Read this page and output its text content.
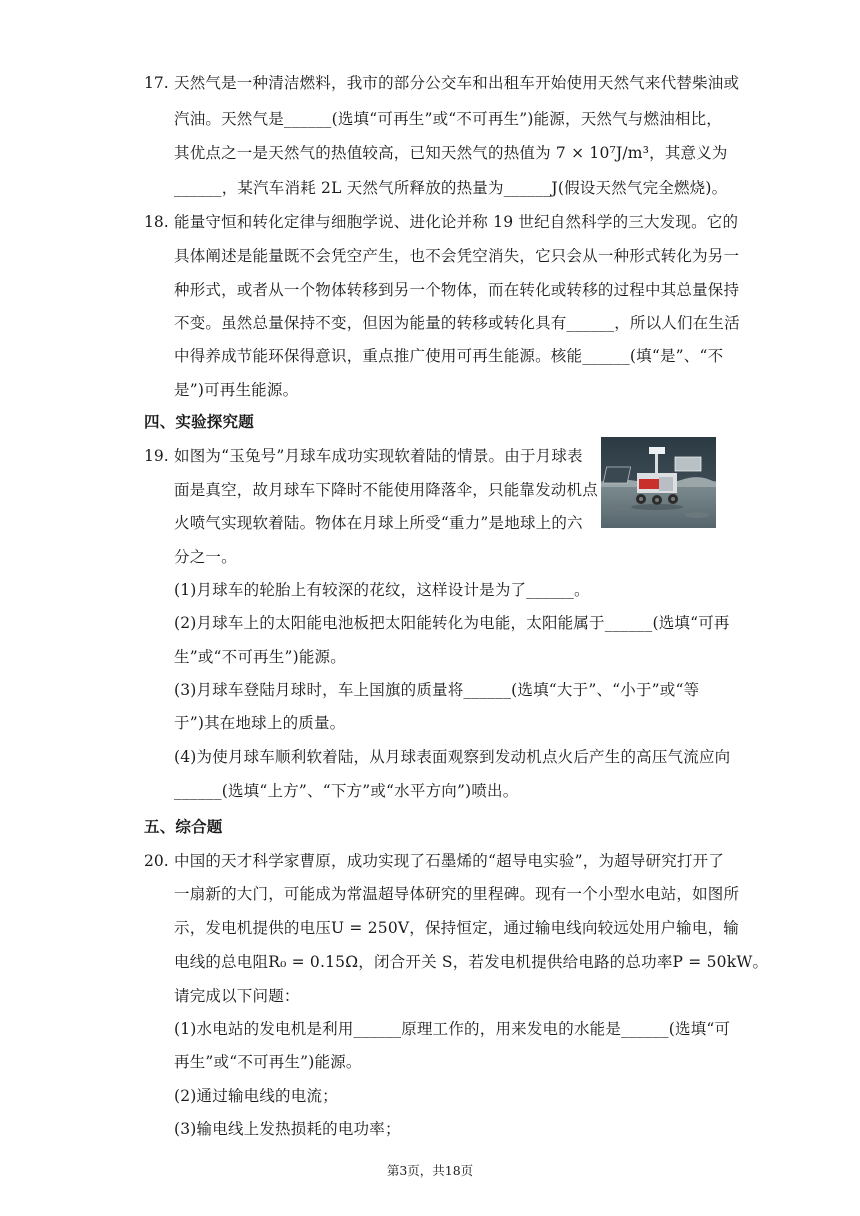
17. 天然气是一种清洁燃料，我市的部分公交车和出租车开始使用天然气来代替柴油或
汽油。天然气是______(选填“可再生”或“不可再生”)能源，天然气与燃油相比，
其优点之一是天然气的热值较高，已知天然气的热值为 7 × 10⁷J/m³，其意义为
______，某汽车消耗 2L 天然气所释放的热量为______J(假设天然气完全燃烧)。
18. 能量守恒和转化定律与细胞学说、进化论并称 19 世纪自然科学的三大发现。它的
具体阐述是能量既不会凭空产生，也不会凭空消失，它只会从一种形式转化为另一
种形式，或者从一个物体转移到另一个物体，而在转化或转移的过程中其总量保持
不变。虽然总量保持不变，但因为能量的转移或转化具有______，所以人们在生活
中得养成节能环保得意识，重点推广使用可再生能源。核能______(填“是”、“不
是”)可再生能源。
四、实验探究题
19. 如图为“玉兔号”月球车成功实现软着陆的情景。由于月球表
面是真空，故月球车下降时不能使用降落伞，只能靠发动机点
火喷气实现软着陆。物体在月球上所受“重力”是地球上的六
分之一。
(1)月球车的轮胎上有较深的花纹，这样设计是为了______。
(2)月球车上的太阳能电池板把太阳能转化为电能，太阳能属于______(选填“可再
生”或“不可再生”)能源。
(3)月球车登陆月球时，车上国旗的质量将______(选填“大于”、“小于”或“等
于”)其在地球上的质量。
(4)为使月球车顺利软着陆，从月球表面观察到发动机点火后产生的高压气流应向
______(选填“上方”、“下方”或“水平方向”)喷出。
五、综合题
20. 中国的天才科学家曹原，成功实现了石墨烯的“超导电实验”，为超导研究打开了
一扇新的大门，可能成为常温超导体研究的里程碑。现有一个小型水电站，如图所
示，发电机提供的电压U = 250V，保持恒定，通过输电线向较远处用户输电，输
电线的总电阻R₀ = 0.15Ω，闭合开关 S，若发电机提供给电路的总功率P = 50kW。
请完成以下问题：
(1)水电站的发电机是利用______原理工作的，用来发电的水能是______(选填“可
再生”或“不可再生”)能源。
(2)通过输电线的电流；
(3)输电线上发热损耗的电功率；
第3页，共18页
